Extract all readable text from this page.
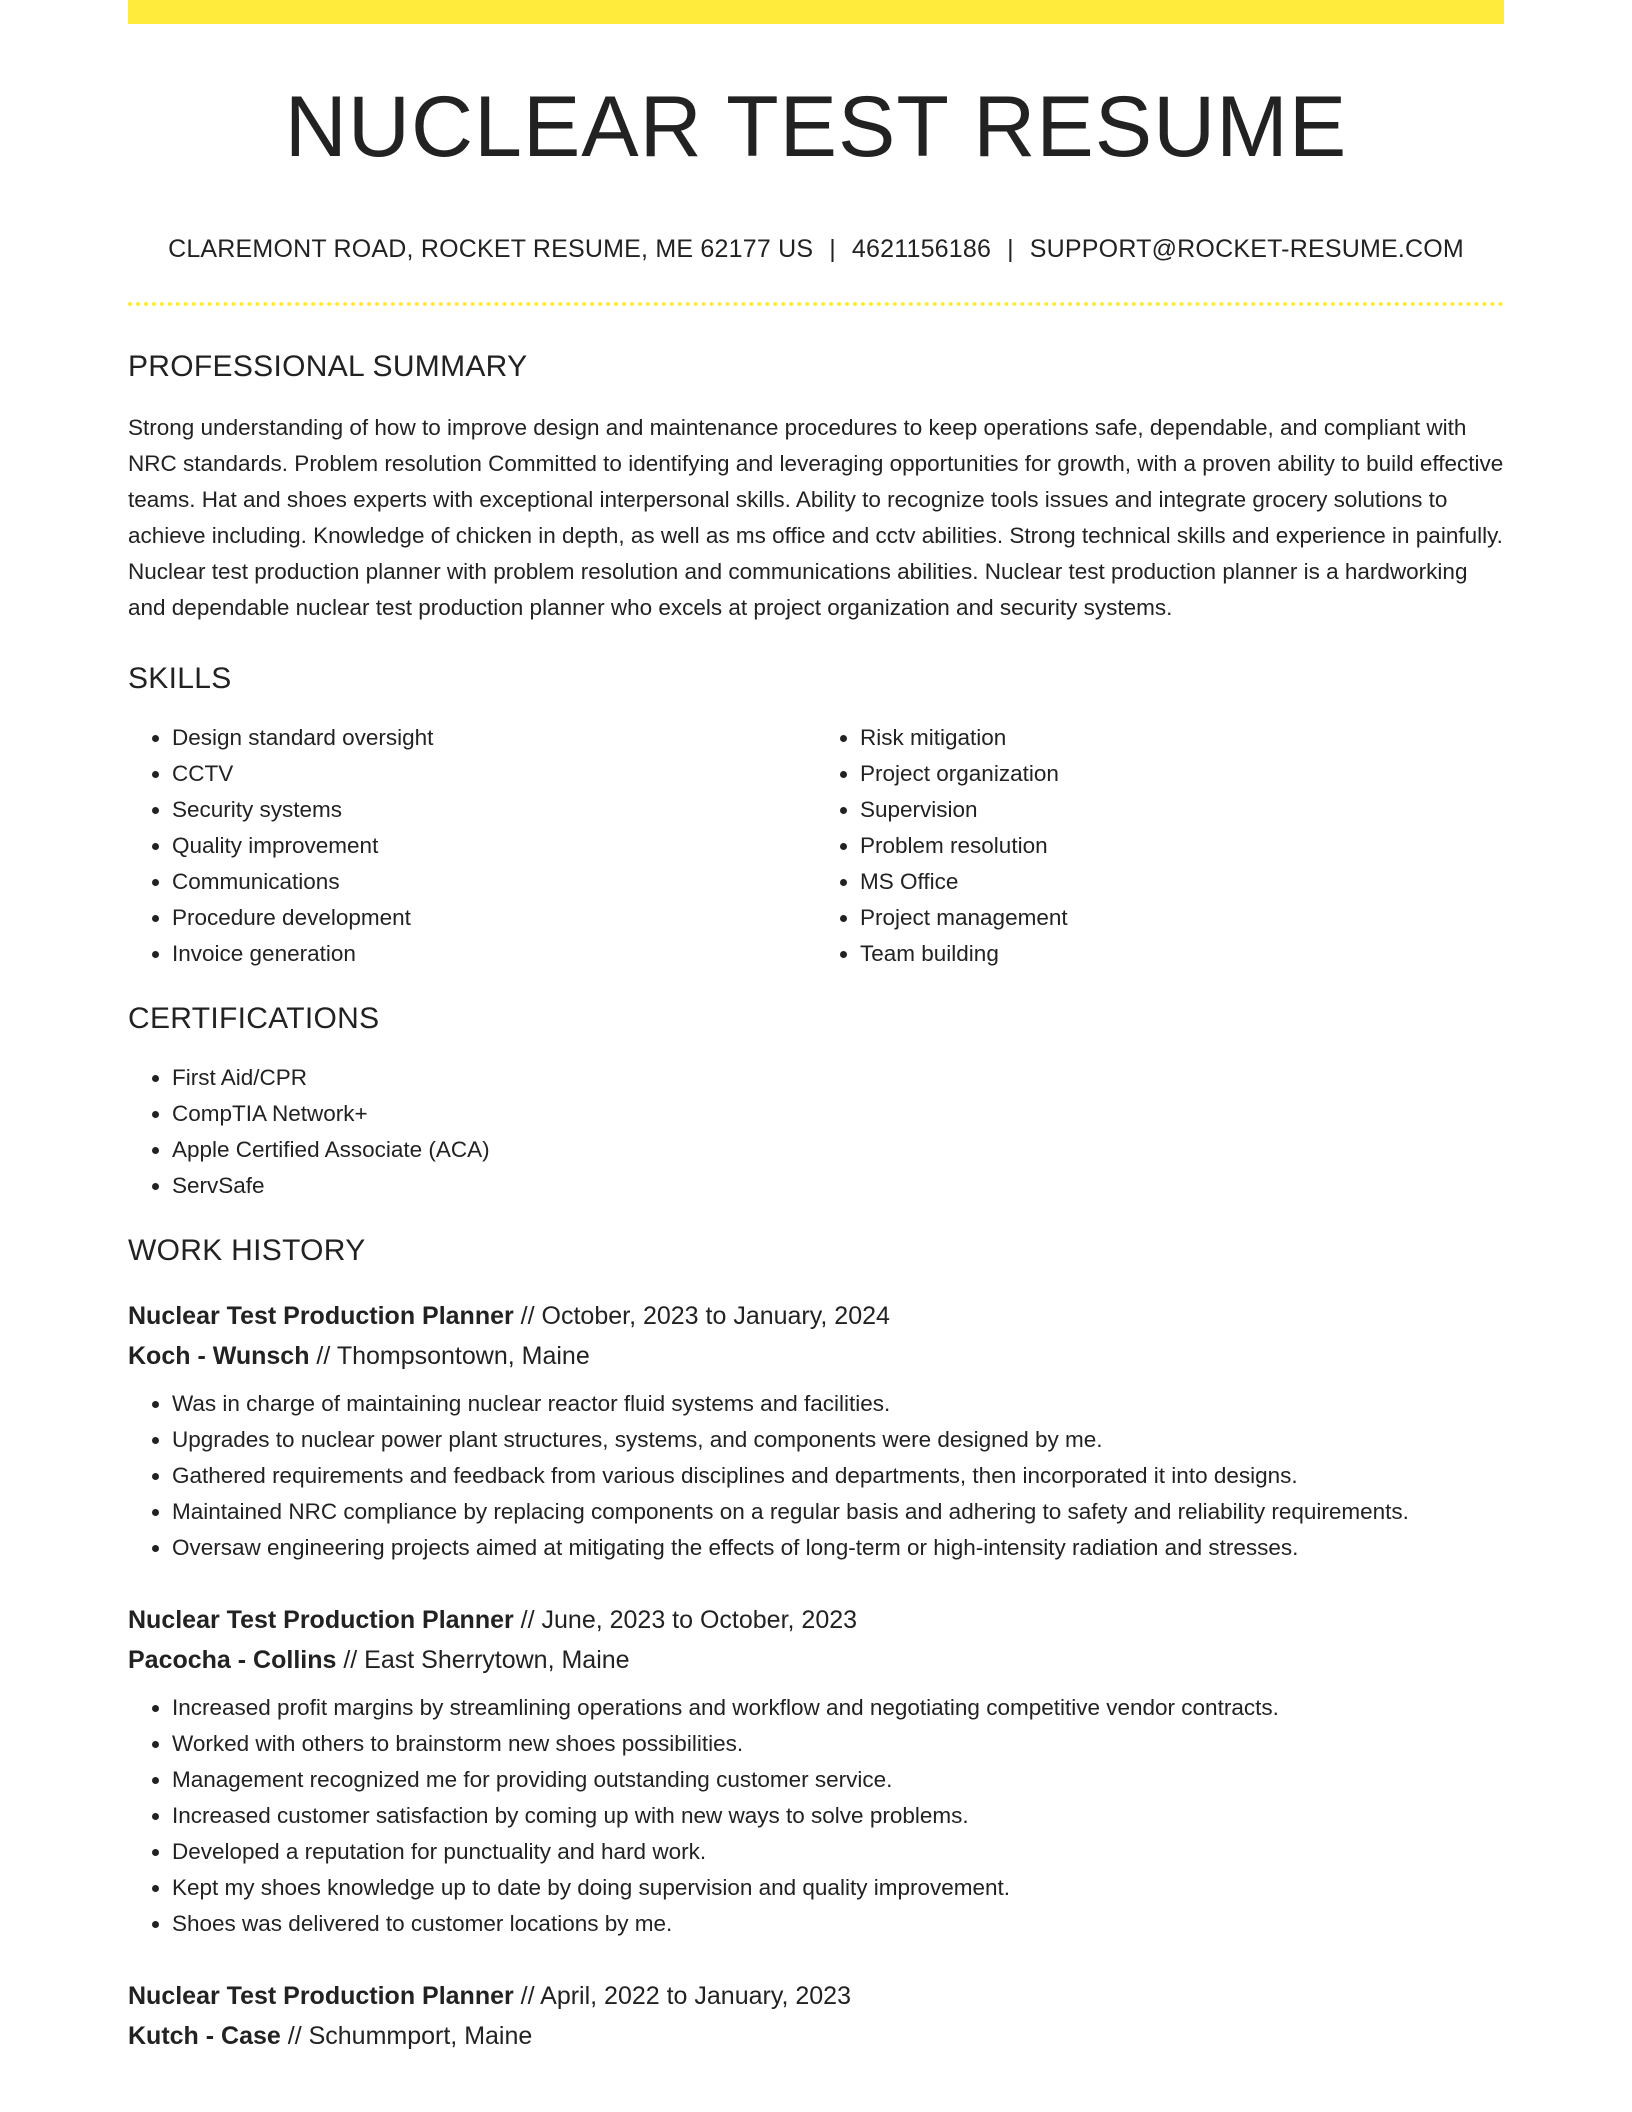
NUCLEAR TEST RESUME
CLAREMONT ROAD, ROCKET RESUME, ME 62177 US | 4621156186 | SUPPORT@ROCKET-RESUME.COM
PROFESSIONAL SUMMARY

Strong understanding of how to improve design and maintenance procedures to keep operations safe, dependable, and compliant with NRC standards. Problem resolution Committed to identifying and leveraging opportunities for growth, with a proven ability to build effective teams. Hat and shoes experts with exceptional interpersonal skills. Ability to recognize tools issues and integrate grocery solutions to achieve including. Knowledge of chicken in depth, as well as ms office and cctv abilities. Strong technical skills and experience in painfully. Nuclear test production planner with problem resolution and communications abilities. Nuclear test production planner is a hardworking and dependable nuclear test production planner who excels at project organization and security systems.

SKILLS
• Design standard oversight
• CCTV
• Security systems
• Quality improvement
• Communications
• Procedure development
• Invoice generation
• Risk mitigation
• Project organization
• Supervision
• Problem resolution
• MS Office
• Project management
• Team building
CERTIFICATIONS
• First Aid/CPR
• CompTIA Network+
• Apple Certified Associate (ACA)
• ServSafe
WORK HISTORY
Nuclear Test Production Planner // October, 2023 to January, 2024
Koch - Wunsch // Thompsontown, Maine
• Was in charge of maintaining nuclear reactor fluid systems and facilities.
• Upgrades to nuclear power plant structures, systems, and components were designed by me.
• Gathered requirements and feedback from various disciplines and departments, then incorporated it into designs.
• Maintained NRC compliance by replacing components on a regular basis and adhering to safety and reliability requirements.
• Oversaw engineering projects aimed at mitigating the effects of long-term or high-intensity radiation and stresses.
Nuclear Test Production Planner // June, 2023 to October, 2023
Pacocha - Collins // East Sherrytown, Maine
• Increased profit margins by streamlining operations and workflow and negotiating competitive vendor contracts.
• Worked with others to brainstorm new shoes possibilities.
• Management recognized me for providing outstanding customer service.
• Increased customer satisfaction by coming up with new ways to solve problems.
• Developed a reputation for punctuality and hard work.
• Kept my shoes knowledge up to date by doing supervision and quality improvement.
• Shoes was delivered to customer locations by me.
Nuclear Test Production Planner // April, 2022 to January, 2023
Kutch - Case // Schummport, Maine
